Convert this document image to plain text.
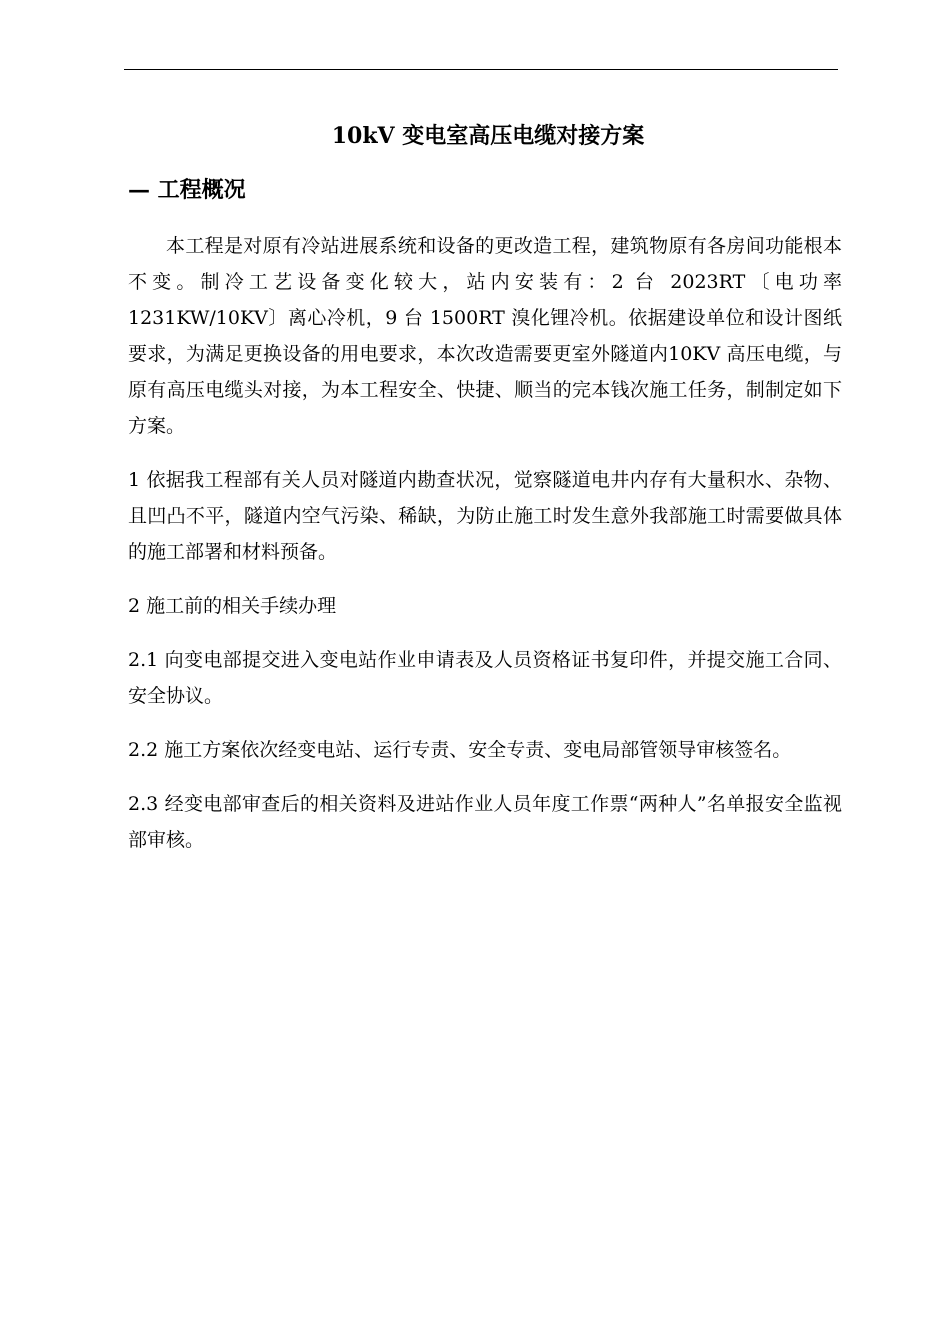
10kV 变电室高压电缆对接方案
— 工程概况

本工程是对原有冷站进展系统和设备的更改造工程，建筑物原有各房间功能根本不变。制冷工艺设备变化较大，站内安装有：2 台 2023RT〔电功率 1231KW/10KV〕离心冷机，9 台 1500RT 溴化锂冷机。依据建设单位和设计图纸要求，为满足更换设备的用电要求，本次改造需要更室外隧道内10KV 高压电缆，与原有高压电缆头对接，为本工程安全、快捷、顺当的完本钱次施工任务，制制定如下方案。

1 依据我工程部有关人员对隧道内勘查状况，觉察隧道电井内存有大量积水、杂物、且凹凸不平，隧道内空气污染、稀缺，为防止施工时发生意外我部施工时需要做具体的施工部署和材料预备。

2 施工前的相关手续办理

2.1 向变电部提交进入变电站作业申请表及人员资格证书复印件，并提交施工合同、安全协议。

2.2 施工方案依次经变电站、运行专责、安全专责、变电局部管领导审核签名。

2.3 经变电部审查后的相关资料及进站作业人员年度工作票“两种人”名单报安全监视部审核。
